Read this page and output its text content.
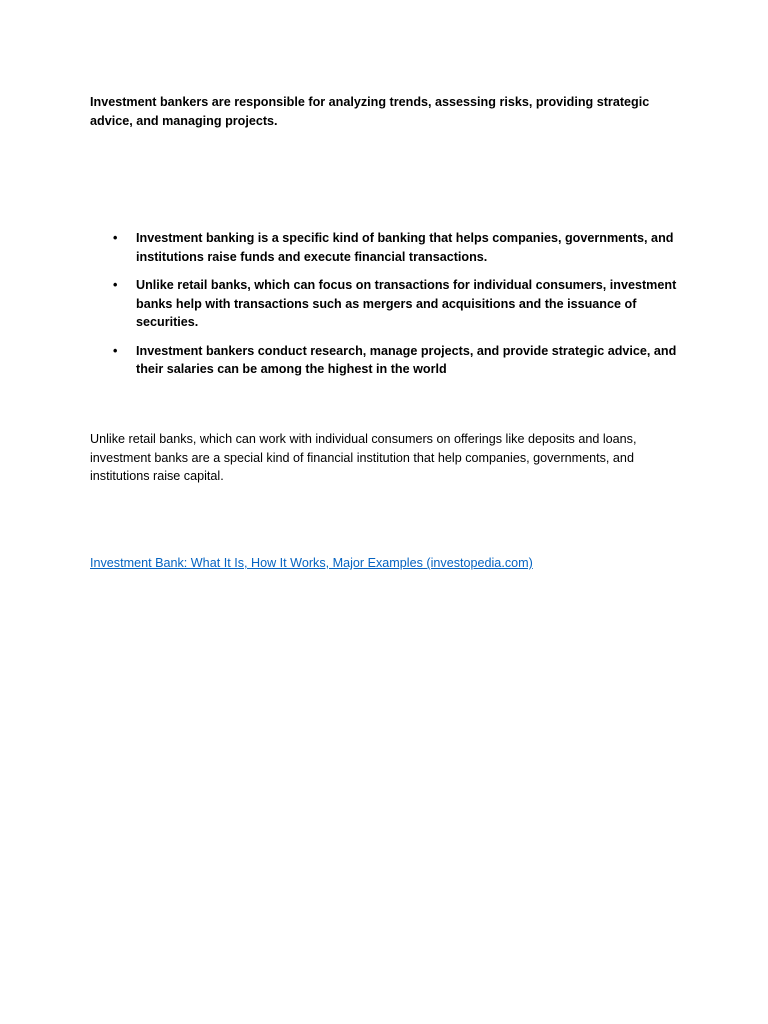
Investment bankers are responsible for analyzing trends, assessing risks, providing strategic advice, and managing projects.

•	Investment banking is a specific kind of banking that helps companies, governments, and institutions raise funds and execute financial transactions.
•	Unlike retail banks, which can focus on transactions for individual consumers, investment banks help with transactions such as mergers and acquisitions and the issuance of securities.
•	Investment bankers conduct research, manage projects, and provide strategic advice, and their salaries can be among the highest in the world

Unlike retail banks, which can work with individual consumers on offerings like deposits and loans, investment banks are a special kind of financial institution that help companies, governments, and institutions raise capital.

Investment Bank: What It Is, How It Works, Major Examples (investopedia.com)
